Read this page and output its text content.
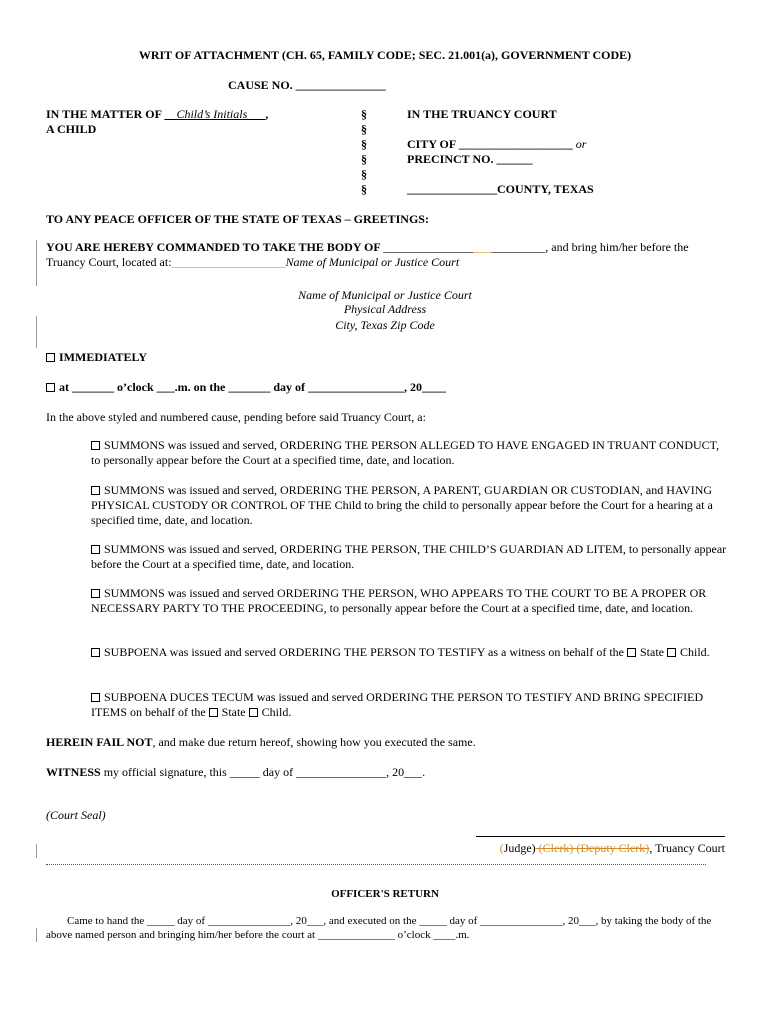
WRIT OF ATTACHMENT (CH. 65, FAMILY CODE; SEC. 21.001(a), GOVERNMENT CODE)
CAUSE NO. _______________
IN THE MATTER OF __Child’s Initials___,
A CHILD
§
§
§
§
§
§
IN THE TRUANCY COURT
CITY OF ___________________ or
PRECINCT NO. ______
_______________COUNTY, TEXAS
TO ANY PEACE OFFICER OF THE STATE OF TEXAS – GREETINGS:
YOU ARE HEREBY COMMANDED TO TAKE THE BODY OF ___________________________, and bring him/her before the
Truancy Court, located at:___________________Name of Municipal or Justice Court
Name of Municipal or Justice Court
Physical Address
City, Texas Zip Code
IMMEDIATELY
at _______ o’clock ___.m. on the _______ day of ________________, 20____
In the above styled and numbered cause, pending before said Truancy Court, a:
SUMMONS was issued and served, ORDERING THE PERSON ALLEGED TO HAVE ENGAGED IN TRUANT CONDUCT, to personally appear before the Court at a specified time, date, and location.
SUMMONS was issued and served, ORDERING THE PERSON, A PARENT, GUARDIAN OR CUSTODIAN, and HAVING PHYSICAL CUSTODY OR CONTROL OF THE Child to bring the child to personally appear before the Court for a hearing at a specified time, date, and location.
SUMMONS was issued and served, ORDERING THE PERSON, THE CHILD’S GUARDIAN AD LITEM, to personally appear before the Court at a specified time, date, and location.
SUMMONS was issued and served ORDERING THE PERSON, WHO APPEARS TO THE COURT TO BE A PROPER OR NECESSARY PARTY TO THE PROCEEDING, to personally appear before the Court at a specified time, date, and location.
SUBPOENA was issued and served ORDERING THE PERSON TO TESTIFY as a witness on behalf of the State Child.
SUBPOENA DUCES TECUM was issued and served ORDERING THE PERSON TO TESTIFY AND BRING SPECIFIED ITEMS on behalf of the State Child.
HEREIN FAIL NOT, and make due return hereof, showing how you executed the same.
WITNESS my official signature, this _____ day of _______________, 20___.
(Court Seal)
(Judge) (Clerk) (Deputy Clerk), Truancy Court
OFFICER'S RETURN
Came to hand the _____ day of _______________, 20___, and executed on the _____ day of _______________, 20___, by taking the body of the
above named person and bringing him/her before the court at ______________ o’clock ____.m.
